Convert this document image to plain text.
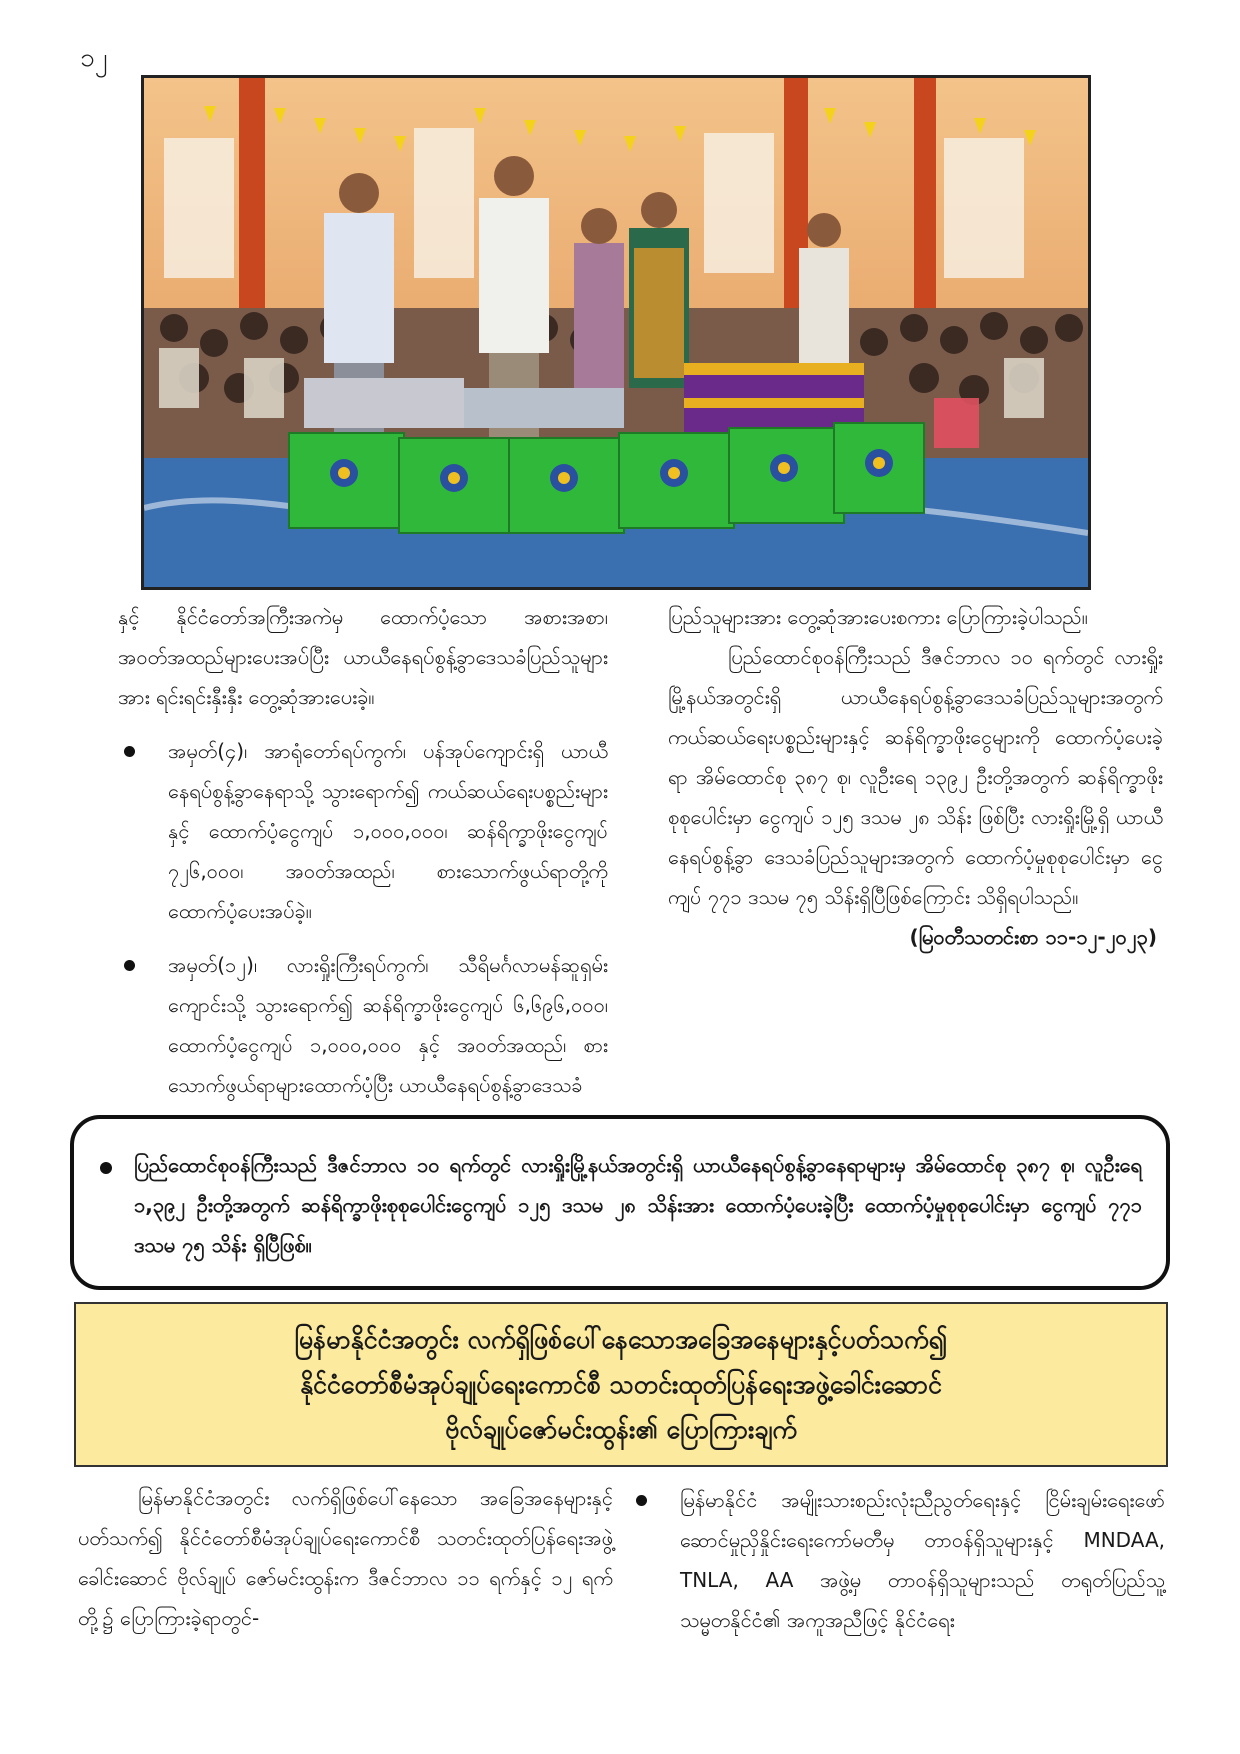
၁၂

နှင့် နိုင်ငံတော်အကြီးအကဲမှ ထောက်ပံ့သော အစားအစာ၊ အဝတ်အထည်များပေးအပ်ပြီး ယာယီနေရပ်စွန့်ခွာဒေသခံပြည်သူများအား ရင်းရင်းနှီးနှီး တွေ့ဆုံအားပေးခဲ့။

အမှတ်(၄)၊ အာရုံတော်ရပ်ကွက်၊ ပန်အုပ်ကျောင်းရှိ ယာယီနေရပ်စွန့်ခွာနေရာသို့ သွားရောက်၍ ကယ်ဆယ်ရေးပစ္စည်းများနှင့် ထောက်ပံ့ငွေကျပ် ၁,၀၀၀,၀၀၀၊ ဆန်ရိက္ခာဖိုးငွေကျပ် ၇၂၆,၀၀၀၊ အဝတ်အထည်၊ စားသောက်ဖွယ်ရာတို့ကို ထောက်ပံ့ပေးအပ်ခဲ့။
အမှတ်(၁၂)၊ လားရှိုးကြီးရပ်ကွက်၊ သီရိမင်္ဂလာမန်ဆူရှမ်းကျောင်းသို့ သွားရောက်၍ ဆန်ရိက္ခာဖိုးငွေကျပ် ၆,၆၉၆,၀၀၀၊ ထောက်ပံ့ငွေကျပ် ၁,၀၀၀,၀၀၀ နှင့် အဝတ်အထည်၊ စားသောက်ဖွယ်ရာများထောက်ပံ့ပြီး ယာယီနေရပ်စွန့်ခွာဒေသခံ

ပြည်သူများအား တွေ့ဆုံအားပေးစကား ပြောကြားခဲ့ပါသည်။

ပြည်ထောင်စုဝန်ကြီးသည် ဒီဇင်ဘာလ ၁၀ ရက်တွင် လားရှိုးမြို့နယ်အတွင်းရှိ ယာယီနေရပ်စွန့်ခွာဒေသခံပြည်သူများအတွက် ကယ်ဆယ်ရေးပစ္စည်းများနှင့် ဆန်ရိက္ခာဖိုးငွေများကို ထောက်ပံ့ပေးခဲ့ရာ အိမ်ထောင်စု ၃၈၇ စု၊ လူဦးရေ ၁၃၉၂ ဦးတို့အတွက် ဆန်ရိက္ခာဖိုး စုစုပေါင်းမှာ ငွေကျပ် ၁၂၅ ဒသမ ၂၈ သိန်း ဖြစ်ပြီး လားရှိုးမြို့ရှိ ယာယီနေရပ်စွန့်ခွာ ဒေသခံပြည်သူများအတွက် ထောက်ပံ့မှုစုစုပေါင်းမှာ ငွေကျပ် ၇၇၁ ဒသမ ၇၅ သိန်းရှိပြီဖြစ်ကြောင်း သိရှိရပါသည်။

(မြဝတီသတင်းစာ ၁၁-၁၂-၂၀၂၃)

ပြည်ထောင်စုဝန်ကြီးသည် ဒီဇင်ဘာလ ၁၀ ရက်တွင် လားရှိုးမြို့နယ်အတွင်းရှိ ယာယီနေရပ်စွန့်ခွာနေရာများမှ အိမ်ထောင်စု ၃၈၇ စု၊ လူဦးရေ ၁,၃၉၂ ဦးတို့အတွက် ဆန်ရိက္ခာဖိုးစုစုပေါင်းငွေကျပ် ၁၂၅ ဒသမ ၂၈ သိန်းအား ထောက်ပံ့ပေးခဲ့ပြီး ထောက်ပံ့မှုစုစုပေါင်းမှာ ငွေကျပ် ၇၇၁ ဒသမ ၇၅ သိန်း ရှိပြီဖြစ်။
မြန်မာနိုင်ငံအတွင်း လက်ရှိဖြစ်ပေါ်နေသောအခြေအနေများနှင့်ပတ်သက်၍
နိုင်ငံတော်စီမံအုပ်ချုပ်ရေးကောင်စီ သတင်းထုတ်ပြန်ရေးအဖွဲ့ခေါင်းဆောင်
ဗိုလ်ချုပ်ဇော်မင်းထွန်း၏ ပြောကြားချက်

မြန်မာနိုင်ငံအတွင်း လက်ရှိဖြစ်ပေါ်နေသော အခြေအနေများနှင့်ပတ်သက်၍ နိုင်ငံတော်စီမံအုပ်ချုပ်ရေးကောင်စီ သတင်းထုတ်ပြန်ရေးအဖွဲ့ခေါင်းဆောင် ဗိုလ်ချုပ် ဇော်မင်းထွန်းက ဒီဇင်ဘာလ ၁၁ ရက်နှင့် ၁၂ ရက်တို့၌ ပြောကြားခဲ့ရာတွင်-

မြန်မာနိုင်ငံ အမျိုးသားစည်းလုံးညီညွတ်ရေးနှင့် ငြိမ်းချမ်းရေးဖော်ဆောင်မှုညှိနှိုင်းရေးကော်မတီမှ တာဝန်ရှိသူများနှင့် MNDAA, TNLA, AA အဖွဲ့မှ တာဝန်ရှိသူများသည် တရုတ်ပြည်သူ့သမ္မတနိုင်ငံ၏ အကူအညီဖြင့် နိုင်ငံရေး
